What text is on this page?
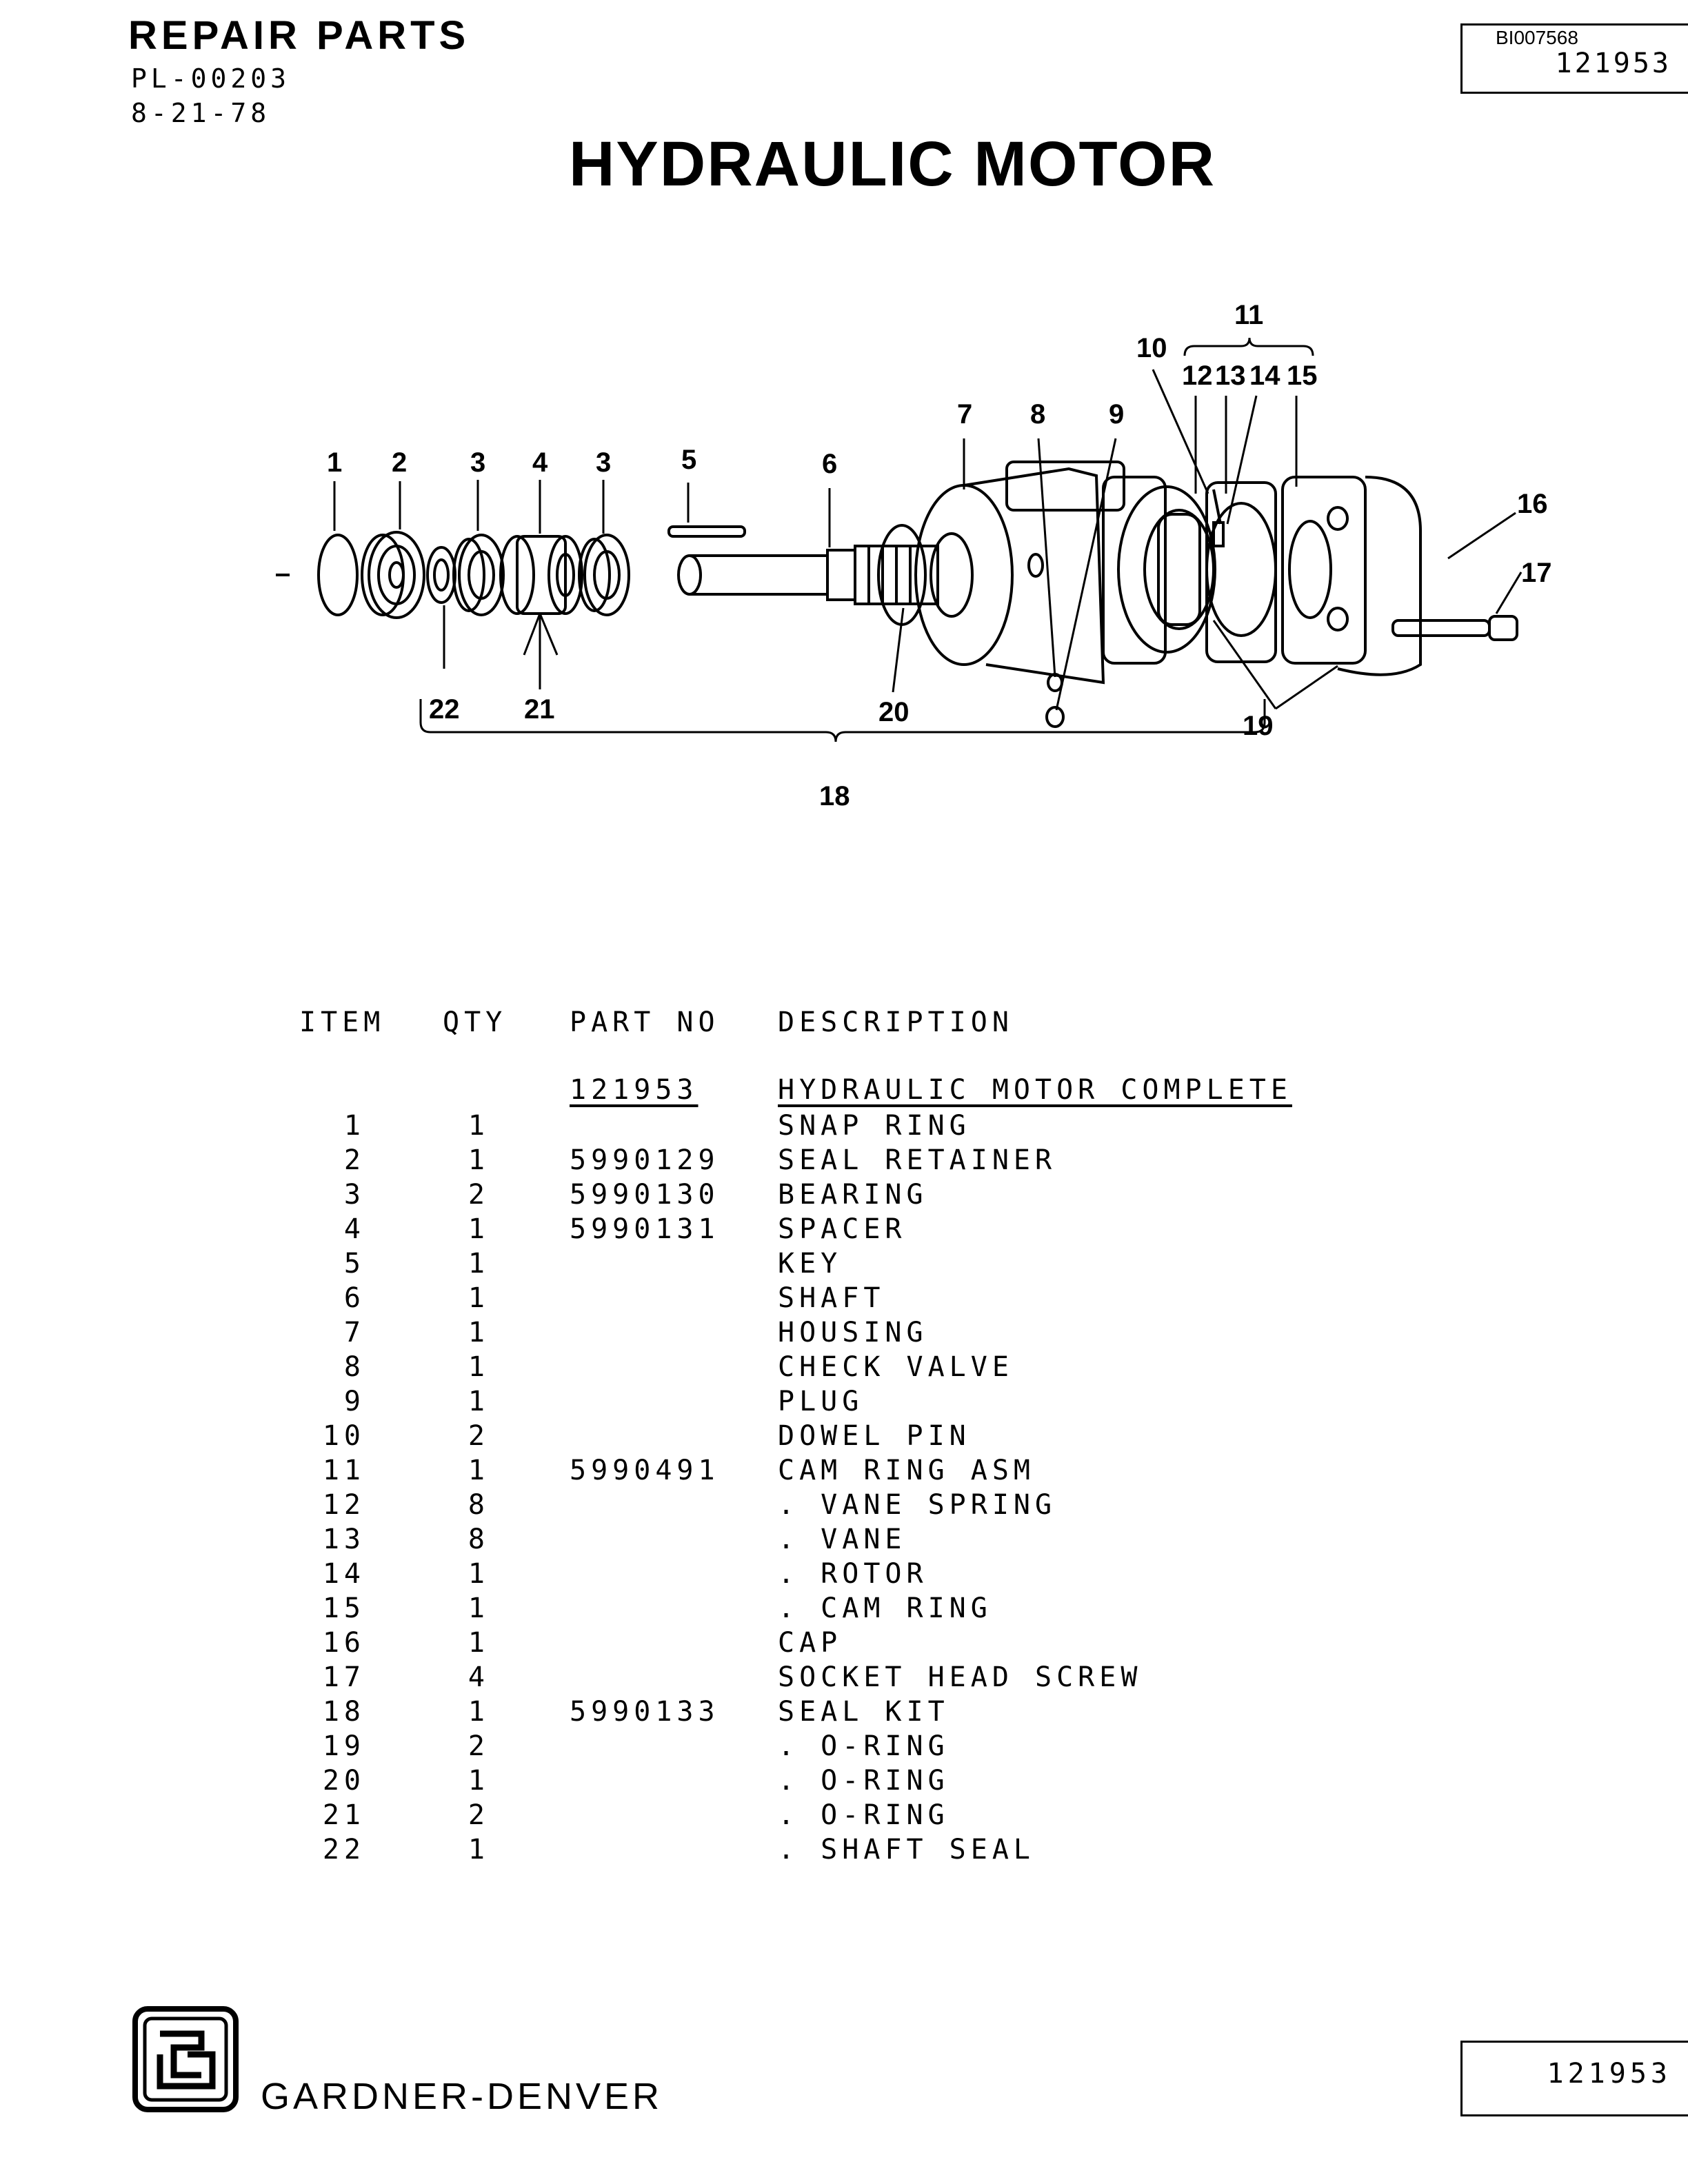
REPAIR PARTS
PL-00203
8-21-78
BI007568
121953
HYDRAULIC MOTOR
1 2 3 4 3	5	6
7 8 9
10
11
12 13 14 15
16
17
18
19
20
21
22
ITEM QTY PART NO DESCRIPTION
121953	HYDRAULIC MOTOR COMPLETE
1	1	SNAP RING
2	1	5990129 SEAL RETAINER
3	2	5990130 BEARING
4	1	5990131 SPACER
5	1	KEY
6	1	SHAFT
7	1	HOUSING
8	1	CHECK VALVE
9	1	PLUG
10	2	DOWEL PIN
11	1	5990491 CAM RING ASM
12	8	. VANE SPRING
13	8	. VANE
14	1	. ROTOR
15	1	. CAM RING
16	1	CAP
17	4	SOCKET HEAD SCREW
18	1	5990133 SEAL KIT
19	2	. O-RING
20	1	. O-RING
21	2	. O-RING
22	1	. SHAFT SEAL
GARDNER-DENVER
121953
